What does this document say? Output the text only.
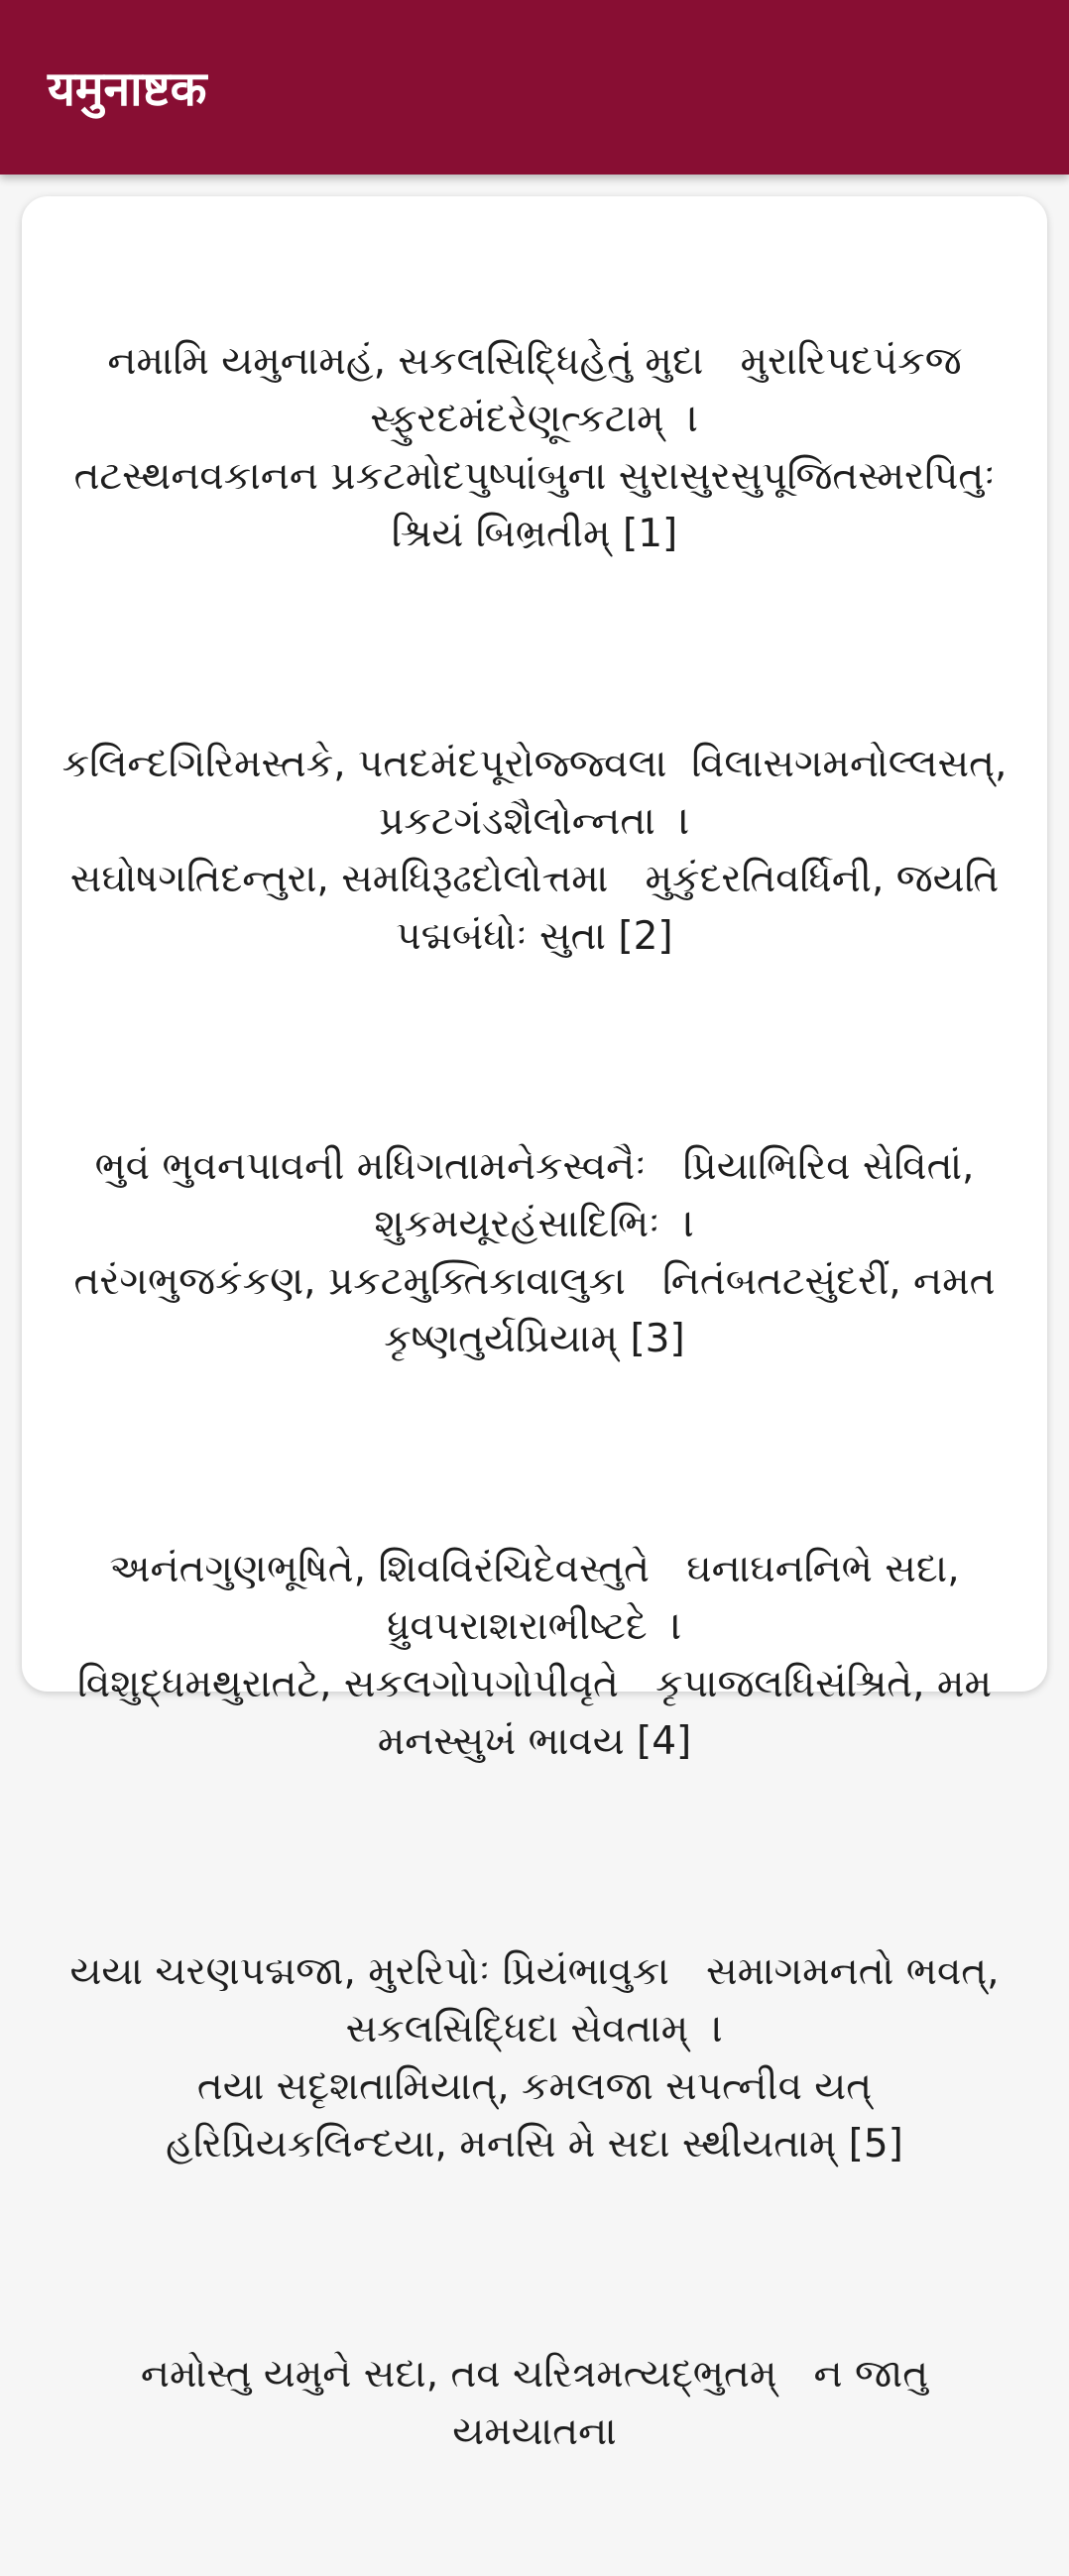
यमुनाष्टक

નમામિ યમુનામહં, સકલસિદ્ધિહેતું મુદા   મુરારિપદપંકજ સ્ફુરદમંદરેણૂત્કટામ્  ।
તટસ્થનવકાનન પ્રકટમોદપુષ્પાંબુના સુરાસુરસુપૂજિતસ્મરપિતુઃ શ્રિયં બિભ્રતીમ્ [1]

કલિન્દગિરિમસ્તકે, પતદમંદપૂરોજ્જ્વલા  વિલાસગમનોલ્લસત્, પ્રકટગંડશૈલોન્નતા  ।
સઘોષગતિદન્તુરા, સમધિરૂઢદોલોત્તમા   મુકુંદરતિવર્ધિની, જયતિ પદ્મબંધોઃ સુતા [2]

ભુવં ભુવનપાવની મધિગતામનેકસ્વનૈઃ   પ્રિયાભિરિવ સેવિતાં, શુકમયૂરહંસાદિભિઃ  ।
તરંગભુજકંકણ, પ્રકટમુક્તિકાવાલુકા   નિતંબતટસુંદરીં, નમત કૃષ્ણતુર્યપ્રિયામ્ [3]

અનંતગુણભૂષિતે, શિવવિરંચિદેવસ્તુતે   ઘનાઘનનિભે સદા, ધ્રુવપરાશરાભીષ્ટદે  ।
વિશુદ્ધમથુરાતટે, સકલગોપગોપીવૃતે   કૃપાજલધિસંશ્રિતે, મમ મનસ્સુખં ભાવય [4]

યયા ચરણપદ્મજા, મુરરિપોઃ પ્રિયંભાવુકા   સમાગમનતો ભવત્, સકલસિદ્ધિદા સેવતામ્  ।
તયા સદૃશતામિયાત્, કમલજા સપત્નીવ યત્ હરિપ્રિયકલિન્દયા, મનસિ મે સદા સ્થીયતામ્ [5]

નમોસ્તુ યમુને સદા, તવ ચરિત્રમત્યદ્ભુતમ્   ન જાતુ યમયાતના
